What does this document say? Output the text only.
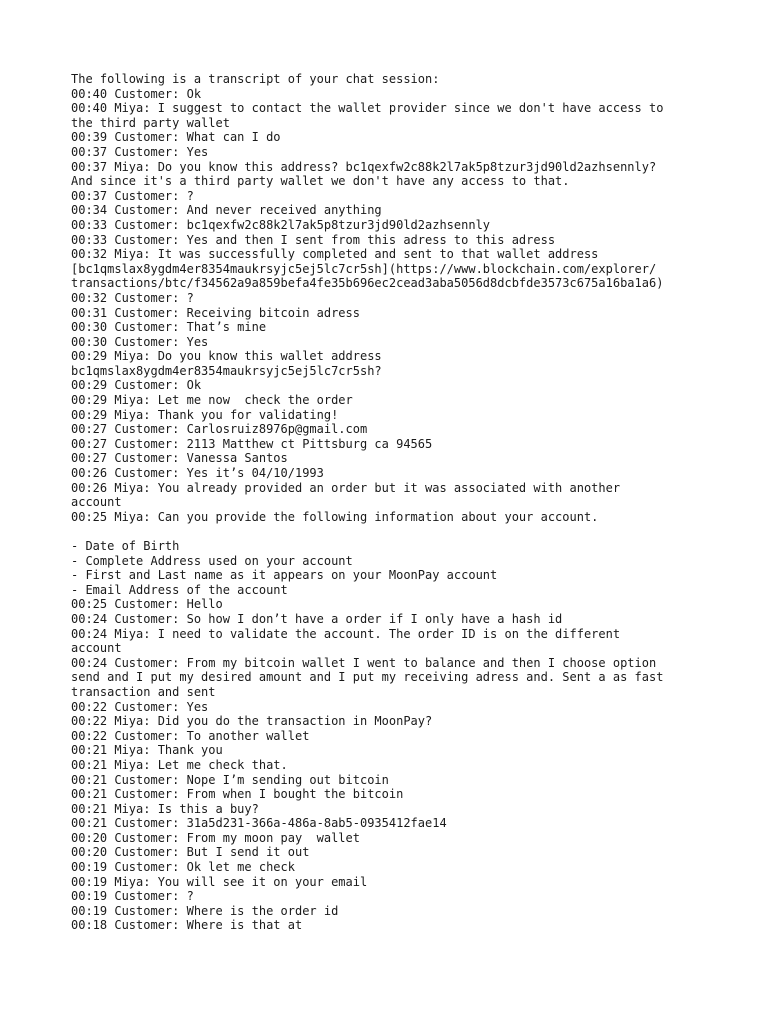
The following is a transcript of your chat session:
00:40 Customer: Ok
00:40 Miya: I suggest to contact the wallet provider since we don't have access to
the third party wallet
00:39 Customer: What can I do
00:37 Customer: Yes
00:37 Miya: Do you know this address? bc1qexfw2c88k2l7ak5p8tzur3jd90ld2azhsennly?
And since it's a third party wallet we don't have any access to that.
00:37 Customer: ?
00:34 Customer: And never received anything
00:33 Customer: bc1qexfw2c88k2l7ak5p8tzur3jd90ld2azhsennly
00:33 Customer: Yes and then I sent from this adress to this adress
00:32 Miya: It was successfully completed and sent to that wallet address
[bc1qmslax8ygdm4er8354maukrsyjc5ej5lc7cr5sh](https://www.blockchain.com/explorer/
transactions/btc/f34562a9a859befa4fe35b696ec2cead3aba5056d8dcbfde3573c675a16ba1a6)
00:32 Customer: ?
00:31 Customer: Receiving bitcoin adress
00:30 Customer: That’s mine
00:30 Customer: Yes
00:29 Miya: Do you know this wallet address
bc1qmslax8ygdm4er8354maukrsyjc5ej5lc7cr5sh?
00:29 Customer: Ok
00:29 Miya: Let me now  check the order
00:29 Miya: Thank you for validating!
00:27 Customer: Carlosruiz8976p@gmail.com
00:27 Customer: 2113 Matthew ct Pittsburg ca 94565
00:27 Customer: Vanessa Santos
00:26 Customer: Yes it’s 04/10/1993
00:26 Miya: You already provided an order but it was associated with another
account
00:25 Miya: Can you provide the following information about your account.
- Date of Birth
- Complete Address used on your account
- First and Last name as it appears on your MoonPay account
- Email Address of the account
00:25 Customer: Hello
00:24 Customer: So how I don’t have a order if I only have a hash id
00:24 Miya: I need to validate the account. The order ID is on the different
account
00:24 Customer: From my bitcoin wallet I went to balance and then I choose option
send and I put my desired amount and I put my receiving adress and. Sent a as fast
transaction and sent
00:22 Customer: Yes
00:22 Miya: Did you do the transaction in MoonPay?
00:22 Customer: To another wallet
00:21 Miya: Thank you
00:21 Miya: Let me check that.
00:21 Customer: Nope I’m sending out bitcoin
00:21 Customer: From when I bought the bitcoin
00:21 Miya: Is this a buy?
00:21 Customer: 31a5d231-366a-486a-8ab5-0935412fae14
00:20 Customer: From my moon pay  wallet
00:20 Customer: But I send it out
00:19 Customer: Ok let me check
00:19 Miya: You will see it on your email
00:19 Customer: ?
00:19 Customer: Where is the order id
00:18 Customer: Where is that at
